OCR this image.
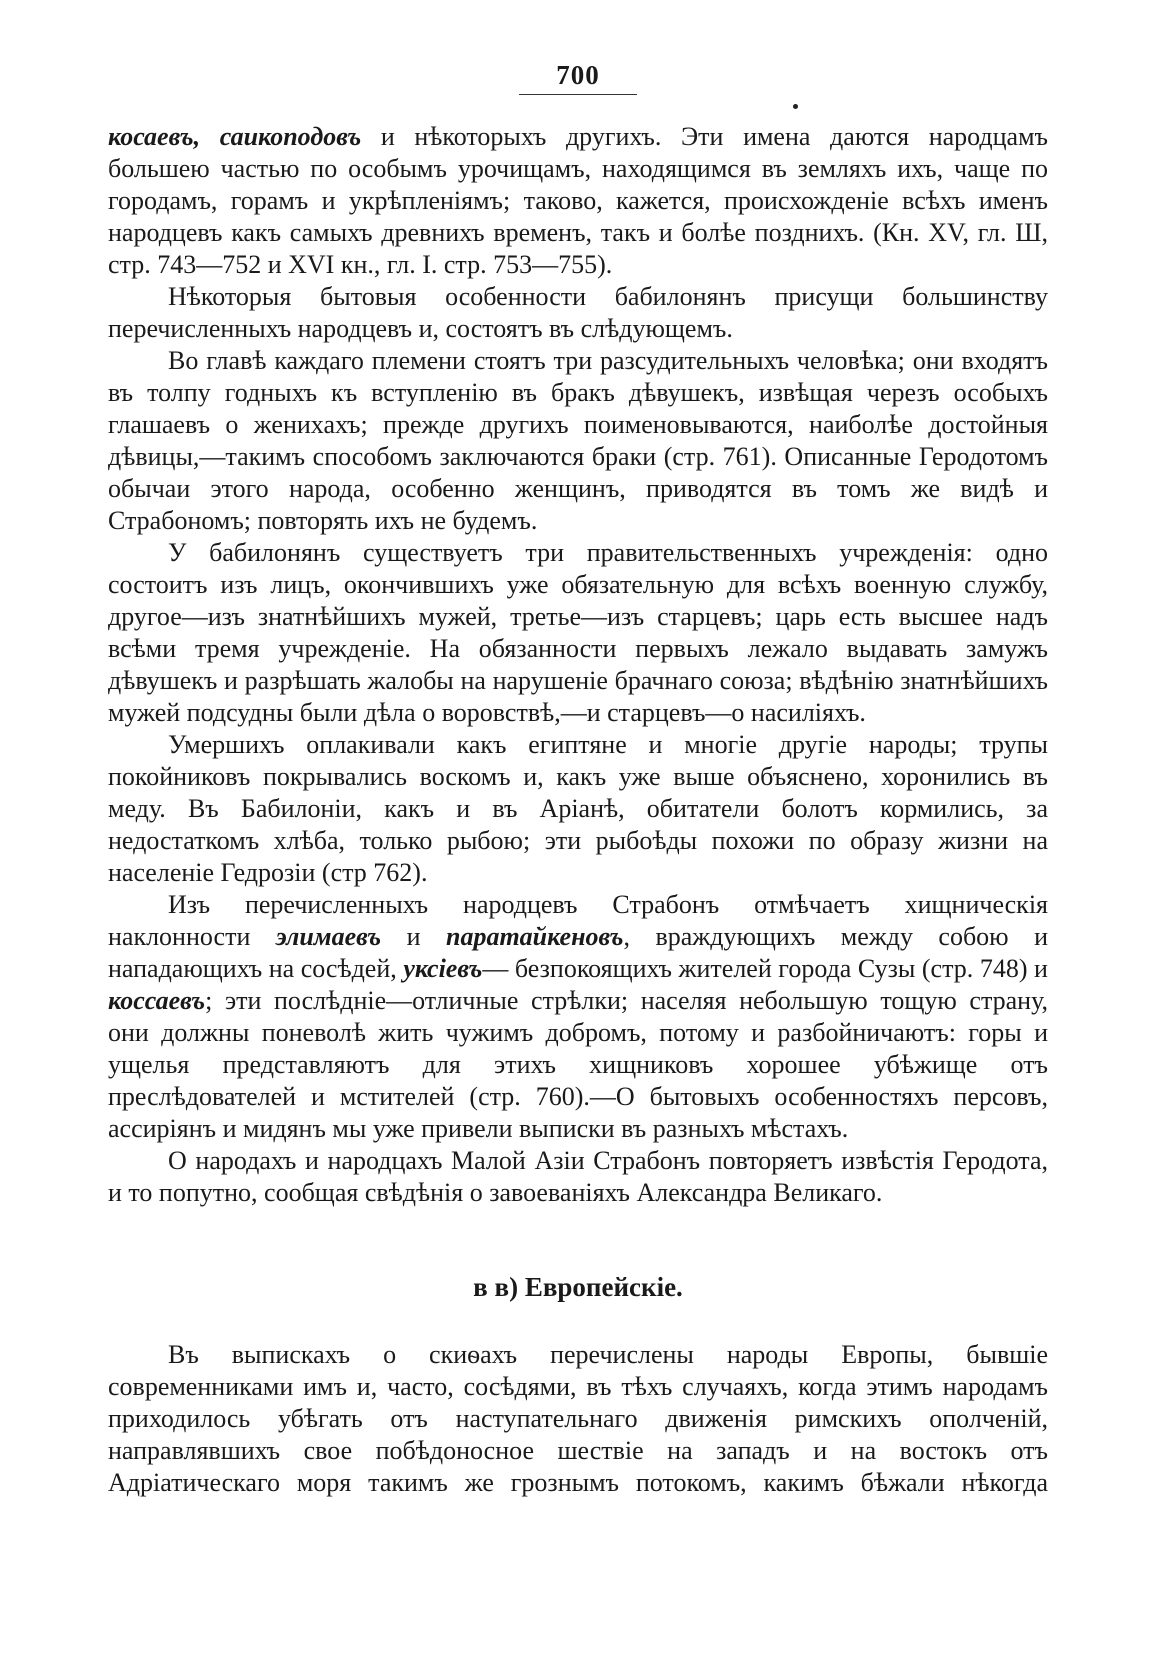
700

косаевъ, саикоподовъ и нѣкоторыхъ другихъ. Эти имена даются народцамъ большею частью по особымъ урочищамъ, находящимся въ земляхъ ихъ, чаще по городамъ, горамъ и укрѣпленіямъ; таково, кажется, происхожденіе всѣхъ именъ народцевъ какъ самыхъ древнихъ временъ, такъ и болѣе позднихъ. (Кн. XV, гл. Ш, стр. 743—752 и XVI кн., гл. I. стр. 753—755).

Нѣкоторыя бытовыя особенности бабилонянъ присущи большинству перечисленныхъ народцевъ и, состоятъ въ слѣдующемъ.

Во главѣ каждаго племени стоятъ три разсудительныхъ человѣка; они входятъ въ толпу годныхъ къ вступленію въ бракъ дѣвушекъ, извѣщая черезъ особыхъ глашаевъ о женихахъ; прежде другихъ поименовываются, наиболѣе достойныя дѣвицы,—такимъ способомъ заключаются браки (стр. 761). Описанные Геродотомъ обычаи этого народа, особенно женщинъ, приводятся въ томъ же видѣ и Страбономъ; повторять ихъ не будемъ.

У бабилонянъ существуетъ три правительственныхъ учрежденія: одно состоитъ изъ лицъ, окончившихъ уже обязательную для всѣхъ военную службу, другое—изъ знатнѣйшихъ мужей, третье—изъ старцевъ; царь есть высшее надъ всѣми тремя учрежденіе. На обязанности первыхъ лежало выдавать замужъ дѣвушекъ и разрѣшать жалобы на нарушеніе брачнаго союза; вѣдѣнію знатнѣйшихъ мужей подсудны были дѣла о воровствѣ,—и старцевъ—о насиліяхъ.

Умершихъ оплакивали какъ египтяне и многіе другіе народы; трупы покойниковъ покрывались воскомъ и, какъ уже выше объяснено, хоронились въ меду. Въ Бабилоніи, какъ и въ Аріанѣ, обитатели болотъ кормились, за недостаткомъ хлѣба, только рыбою; эти рыбоѣды похожи по образу жизни на населеніе Гедрозіи (стр 762).

Изъ перечисленныхъ народцевъ Страбонъ отмѣчаетъ хищническія наклонности элимаевъ и паратайкеновъ, враждующихъ между собою и нападающихъ на сосѣдей, уксіевъ— безпокоящихъ жителей города Сузы (стр. 748) и коссаевъ; эти послѣдніе—отличные стрѣлки; населяя небольшую тощую страну, они должны поневолѣ жить чужимъ добромъ, потому и разбойничаютъ: горы и ущелья представляютъ для этихъ хищниковъ хорошее убѣжище отъ преслѣдователей и мстителей (стр. 760).—О бытовыхъ особенностяхъ персовъ, ассиріянъ и мидянъ мы уже привели выписки въ разныхъ мѣстахъ.

О народахъ и народцахъ Малой Азіи Страбонъ повторяетъ извѣстія Геродота, и то попутно, сообщая свѣдѣнія о завоеваніяхъ Александра Великаго.

в в) Европейскіе.

Въ выпискахъ о скиѳахъ перечислены народы Европы, бывшіе современниками имъ и, часто, сосѣдями, въ тѣхъ случаяхъ, когда этимъ народамъ приходилось убѣгать отъ наступательнаго движенія римскихъ ополченій, направлявшихъ свое побѣдоносное шествіе на западъ и на востокъ отъ Адріатическаго моря такимъ же грознымъ потокомъ, какимъ бѣжали нѣкогда
